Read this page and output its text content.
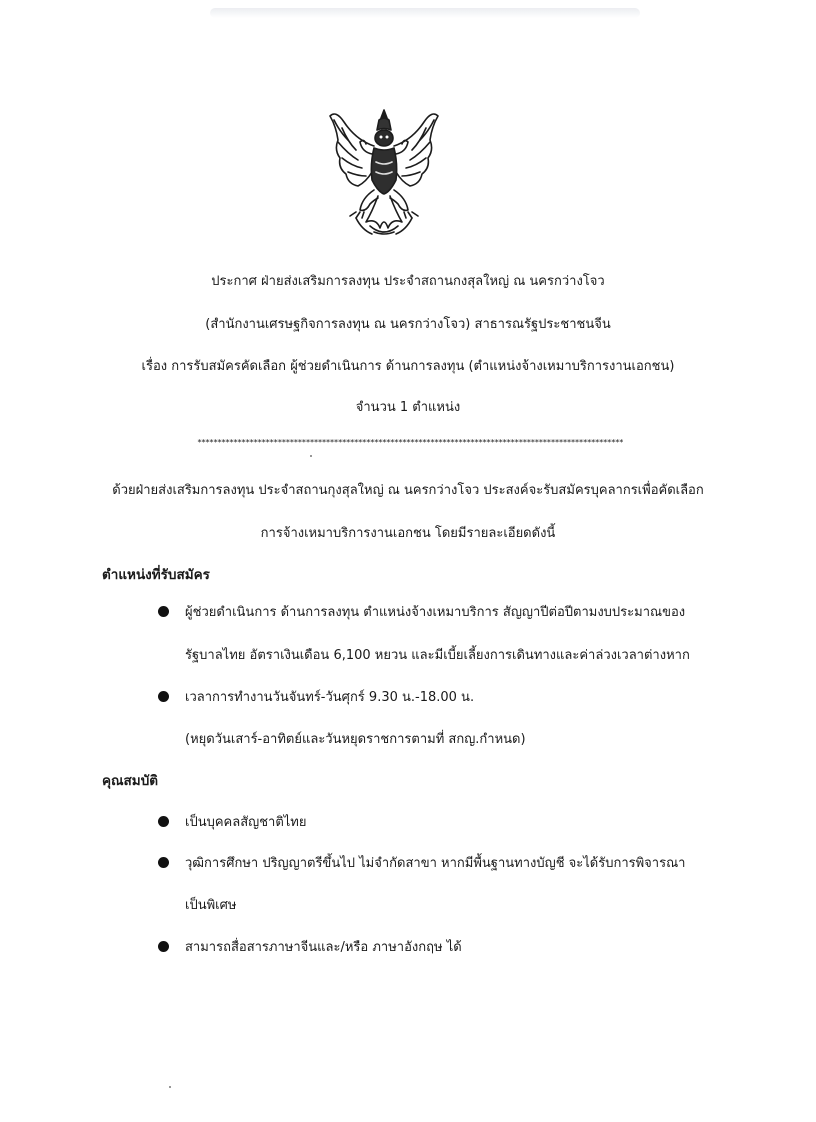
ประกาศ ฝ่ายส่งเสริมการลงทุน ประจำสถานกงสุลใหญ่ ณ นครกว่างโจว
(สำนักงานเศรษฐกิจการลงทุน ณ นครกว่างโจว) สาธารณรัฐประชาชนจีน
เรื่อง การรับสมัครคัดเลือก ผู้ช่วยดำเนินการ ด้านการลงทุน (ตำแหน่งจ้างเหมาบริการงานเอกชน)
จำนวน 1 ตำแหน่ง
**********************************************************************************************************
ด้วยฝ่ายส่งเสริมการลงทุน ประจำสถานกุงสุลใหญ่ ณ นครกว่างโจว ประสงค์จะรับสมัครบุคลากรเพื่อคัดเลือก
การจ้างเหมาบริการงานเอกชน โดยมีรายละเอียดดังนี้
ตำแหน่งที่รับสมัคร
ผู้ช่วยดำเนินการ ด้านการลงทุน ตำแหน่งจ้างเหมาบริการ สัญญาปีต่อปีตามงบประมาณของ
รัฐบาลไทย อัตราเงินเดือน 6,100 หยวน และมีเบี้ยเลี้ยงการเดินทางและค่าล่วงเวลาต่างหาก
เวลาการทำงานวันจันทร์-วันศุกร์ 9.30 น.-18.00 น.
(หยุดวันเสาร์-อาทิตย์และวันหยุดราชการตามที่ สกญ.กำหนด)
คุณสมบัติ
เป็นบุคคลสัญชาติไทย
วุฒิการศึกษา ปริญญาตรีขึ้นไป ไม่จำกัดสาขา หากมีพื้นฐานทางบัญชี จะได้รับการพิจารณา
เป็นพิเศษ
สามารถสื่อสารภาษาจีนและ/หรือ ภาษาอังกฤษ ได้
